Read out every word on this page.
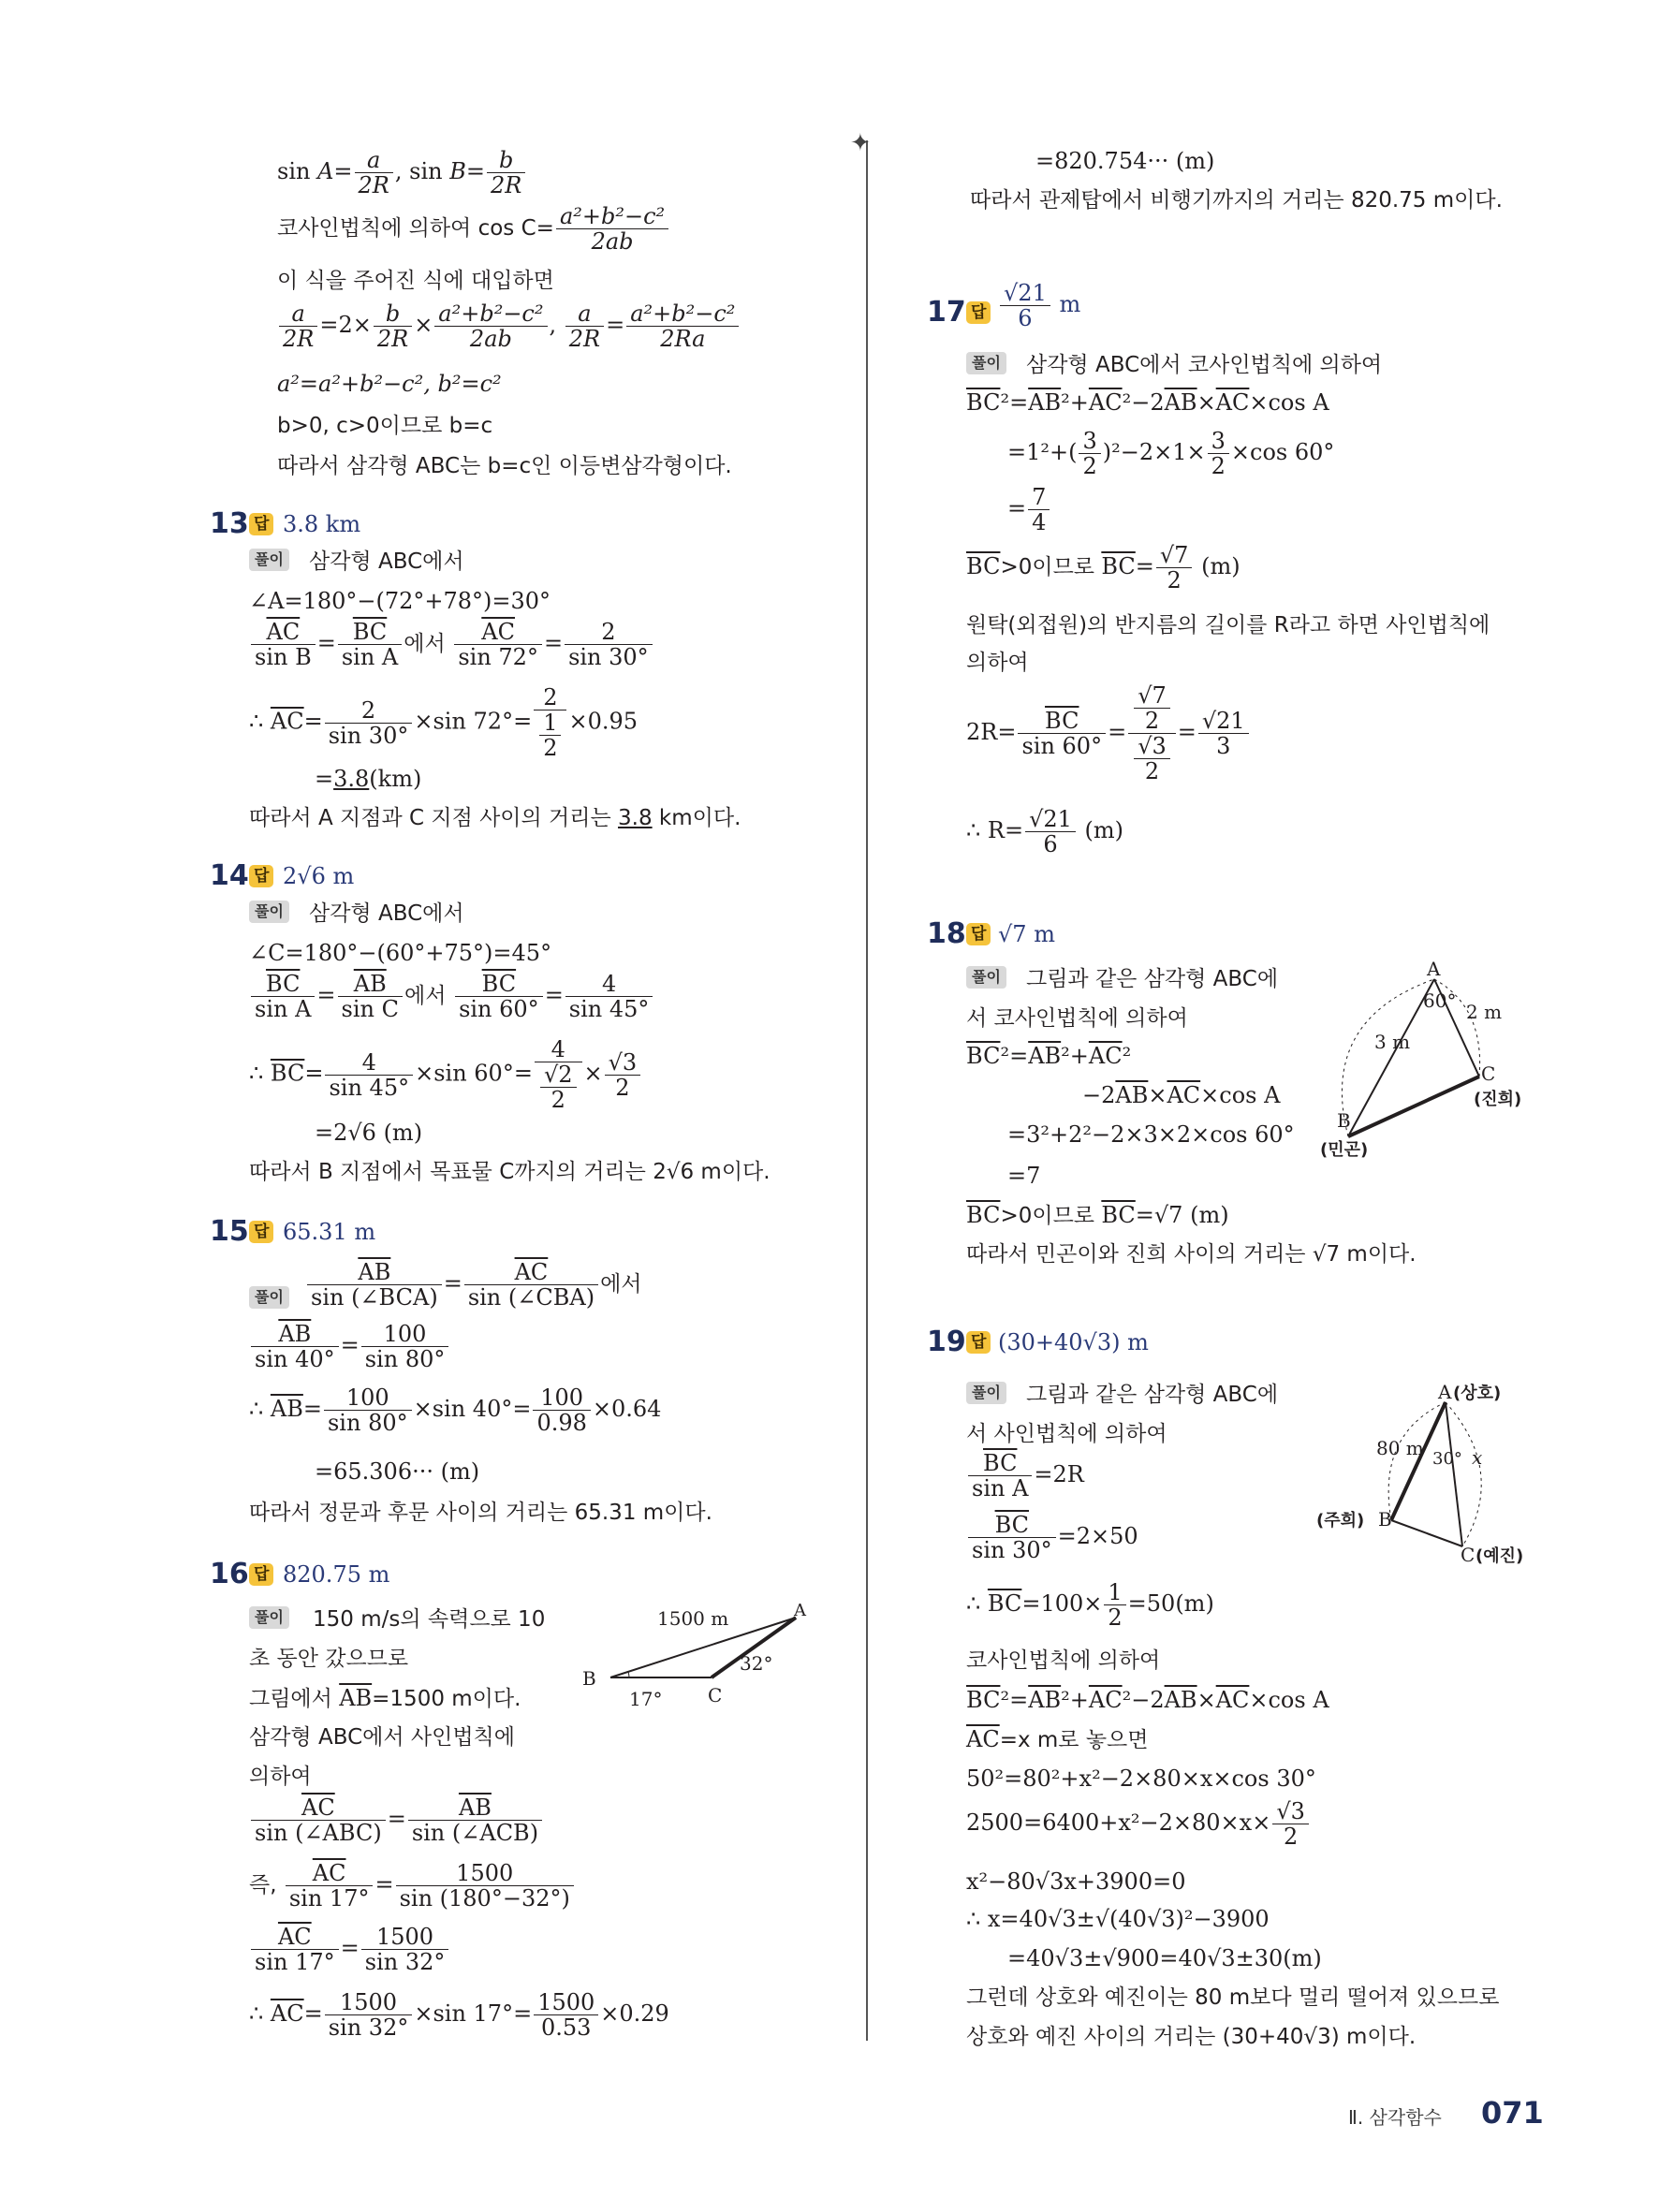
✦
$\sin A= \frac{a}{2R}$ , $\sin B= \frac{b}{2R}$
코사인법칙에 의하여 $\cos C= \frac{\text{a²+b²−c²}}{2ab}$
이 식을 주어진 식에 대입하면
$\frac{a}{2R} =2\times \frac{b}{2R} \times \frac{\text{a²+b²−c²}}{2ab}$ , $\frac{a}{2R} = \frac{\text{a²+b²−c²}}{2Ra}$
a²=a²+b²−c², b²=c²
b>0, c>0이므로 b=c
따라서 삼각형 ABC는 b=c인 이등변삼각형이다.
13 답 3.8 km
풀이 삼각형 ABC에서
∠A=180°−(72°+78°)=30°
$\frac{\overline{AC}}{\text{sin B}} = \frac{\overline{BC}}{\text{sin A}}$ 에서 $\frac{\overline{AC}}{\sin 72^\circ} = \frac{2}{\sin 30^\circ}$
∴ $\overline{AC}= \frac{2}{\sin 30^\circ} \times\sin$ $72^\circ= \frac{2}{\frac{1}{2}} \times 0.95$
=3.8(km)
따라서 A 지점과 C 지점 사이의 거리는 3.8 km이다.
14 답 2√6 m
풀이 삼각형 ABC에서
∠C=180°−(60°+75°)=45°
$\frac{\overline{BC}}{\text{sin A}} = \frac{\overline{AB}}{\text{sin C}}$ 에서 $\frac{\overline{BC}}{\sin 60^\circ} = \frac{4}{\sin 45^\circ}$
∴ $\overline{BC}= \frac{4}{\sin 45^\circ} \times\sin$ $60^\circ= \frac{4}{\frac{√2}{2}} \times \frac{√3}{2}$
=2√6 (m)
따라서 B 지점에서 목표물 C까지의 거리는 2√6 m이다.
15 답 65.31 m
풀이 $\frac{\overline{AB}}{\text{sin (∠BCA)}} = \frac{\overline{AC}}{\text{sin (∠CBA)}}$ 에서
$\frac{\overline{AB}}{\sin 40^\circ} = \frac{100}{\sin 80^\circ}$
∴ $\overline{AB}= \frac{100}{\sin 80^\circ} \times\sin$ $40^\circ= \frac{100}{0.98} \times 0.64$
=65.306··· (m)
따라서 정문과 후문 사이의 거리는 65.31 m이다.
16 답 820.75 m
풀이 150 m/s의 속력으로 10
초 동안 갔으므로
그림에서 $\overline{AB}=1500$ m이다.
삼각형 ABC에서 사인법칙에
의하여
$\frac{\overline{AC}}{\text{sin (∠ABC)}} = \frac{\overline{AB}}{\text{sin (∠ACB)}}$
즉, $\frac{\overline{AC}}{\sin 17^\circ} = \frac{1500}{\sin (180^\circ-32^\circ)}$
$\frac{\overline{AC}}{\sin 17^\circ} = \frac{1500}{\sin 32^\circ}$
∴ $\overline{AC}= \frac{1500}{\sin 32^\circ} \times\sin$ $17^\circ= \frac{1500}{0.53} \times 0.29$
1500 m	A
B
C
17°
32°
=820.754··· (m)
따라서 관제탑에서 비행기까지의 거리는 820.75 m이다.
17 답 $\frac{√21}{6}$ m
풀이 삼각형 ABC에서 코사인법칙에 의하여
$\overline{BC}^2=\overline{AB}^2+\overline{AC}^2-2\overline{AB}\times\overline{AC}\times\cos$ A
$=1^2+( \frac{3}{2} )^2-2\times 1\times \frac{3}{2} \times\cos$ 60°
= $\frac{7}{4}$
$\overline{BC}>0$이므로 $\overline{BC}= \frac{√7}{2} (m)$
원탁(외접원)의 반지름의 길이를 R라고 하면 사인법칙에
의하여
$2R= \frac{\overline{BC}}{\sin 60^\circ} = \frac{\frac{√7}{2}}{\frac{√3}{2}} = \frac{√21}{3}$
∴ $R= \frac{√21}{6} (m)$
18 답 √7 m
풀이 그림과 같은 삼각형 ABC에
서 코사인법칙에 의하여
$\overline{BC}^2=\overline{AB}^2+\overline{AC}^2$
$-2\overline{AB}\times\overline{AC}\times\cos$ A
=3²+2²−2×3×2×cos 60°
=7
$\overline{BC}>0$이므로 $\overline{BC}=√7$ (m)
따라서 민곤이와 진희 사이의 거리는 √7 m이다.
A
B
C
60°
3 m
2 m
(민곤)
(진희)
19 답 (30+40√3) m
풀이 그림과 같은 삼각형 ABC에
서 사인법칙에 의하여
$\frac{\overline{BC}}{\text{sin A}} =2R$
$\frac{\overline{BC}}{\sin 30^\circ} =2\times 50$
∴ $\overline{BC}=100\times \frac{1}{2} =50(m)$
코사인법칙에 의하여
$\overline{BC}^2=\overline{AB}^2+\overline{AC}^2-2\overline{AB}\times\overline{AC}\times\cos$ A
$\overline{AC}=x$ m로 놓으면
50²=80²+x²−2×80×x×cos 30°
$2500=6400+x^2-2\times 80\times x\times \frac{√3}{2}$
x²−80√3x+3900=0
∴ x=40√3±√(40√3)²−3900
=40√3±√900=40√3±30(m)
그런데 상호와 예진이는 80 m보다 멀리 떨어져 있으므로
상호와 예진 사이의 거리는 (30+40√3) m이다.
A (상호)
B
(주희)
C (예진)
80 m 30° x
Ⅱ. 삼각함수 071
